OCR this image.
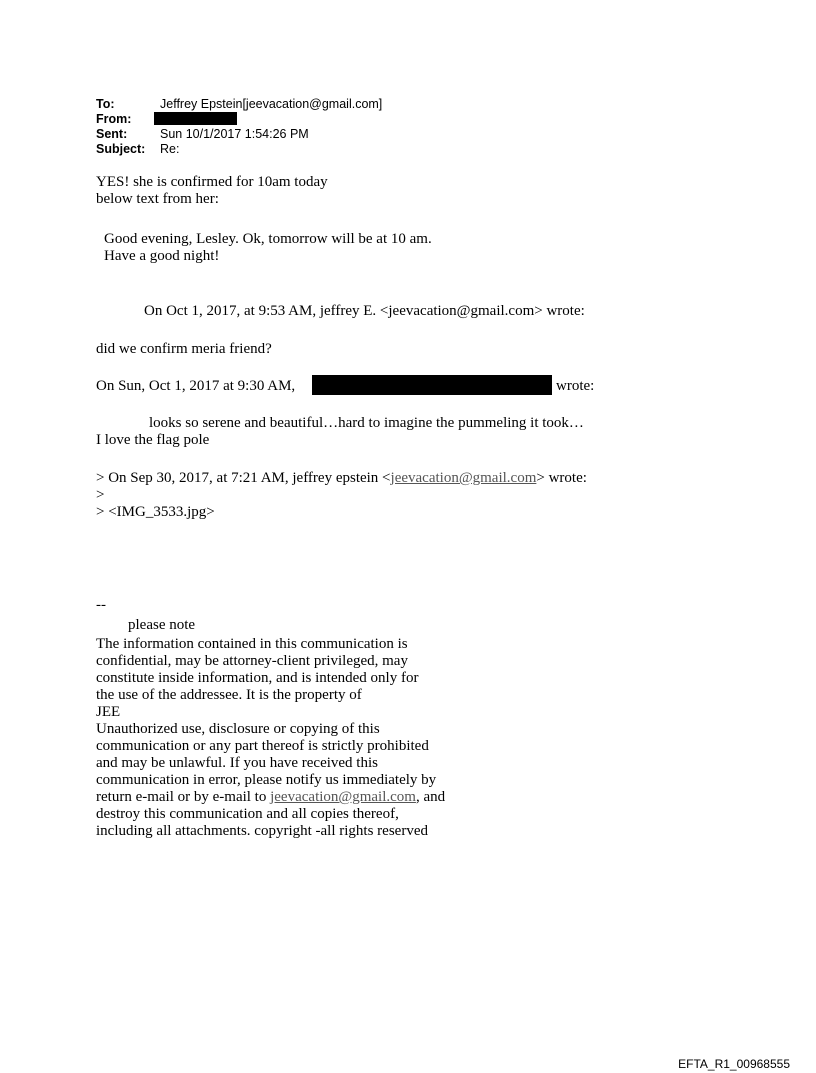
To:	Jeffrey Epstein[jeevacation@gmail.com]
From:
Sent:	Sun 10/1/2017 1:54:26 PM
Subject: Re:
YES! she is confirmed for 10am today
below text from her:
Good evening, Lesley. Ok, tomorrow will be at 10 am.
Have a good night!
On Oct 1, 2017, at 9:53 AM, jeffrey E. <jeevacation@gmail.com> wrote:
did we confirm meria friend?
On Sun, Oct 1, 2017 at 9:30 AM,	wrote:
looks so serene and beautiful…hard to imagine the pummeling it took…
I love the flag pole
> On Sep 30, 2017, at 7:21 AM, jeffrey epstein <jeevacation@gmail.com> wrote:
>
> <IMG_3533.jpg>
--
please note
The information contained in this communication is
confidential, may be attorney-client privileged, may
constitute inside information, and is intended only for
the use of the addressee. It is the property of
JEE
Unauthorized use, disclosure or copying of this
communication or any part thereof is strictly prohibited
and may be unlawful. If you have received this
communication in error, please notify us immediately by
return e-mail or by e-mail to jeevacation@gmail.com, and
destroy this communication and all copies thereof,
including all attachments. copyright -all rights reserved
EFTA_R1_00968555
